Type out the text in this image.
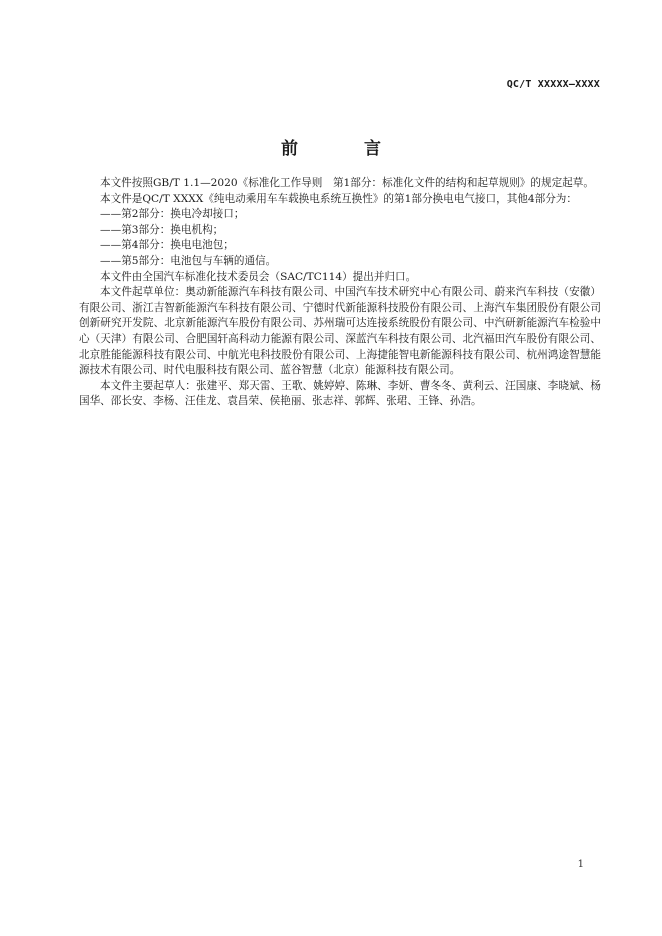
QC/T XXXXX—XXXX
前 言

本文件按照GB/T 1.1—2020《标准化工作导则　第1部分：标准化文件的结构和起草规则》的规定起草。

本文件是QC/T XXXX《纯电动乘用车车载换电系统互换性》的第1部分换电电气接口，其他4部分为：

——第2部分：换电冷却接口；

——第3部分：换电机构；

——第4部分：换电电池包；

——第5部分：电池包与车辆的通信。

本文件由全国汽车标准化技术委员会（SAC/TC114）提出并归口。

本文件起草单位：奥动新能源汽车科技有限公司、中国汽车技术研究中心有限公司、蔚来汽车科技（安徽）有限公司、浙江吉智新能源汽车科技有限公司、宁德时代新能源科技股份有限公司、上海汽车集团股份有限公司创新研究开发院、北京新能源汽车股份有限公司、苏州瑞可达连接系统股份有限公司、中汽研新能源汽车检验中心（天津）有限公司、合肥国轩高科动力能源有限公司、深蓝汽车科技有限公司、北汽福田汽车股份有限公司、北京胜能能源科技有限公司、中航光电科技股份有限公司、上海捷能智电新能源科技有限公司、杭州鸿途智慧能源技术有限公司、时代电服科技有限公司、蓝谷智慧（北京）能源科技有限公司。

本文件主要起草人：张建平、郑天雷、王歌、姚婷婷、陈琳、李妍、曹冬冬、黄利云、汪国康、李晓斌、杨国华、邵长安、李杨、汪佳龙、袁昌荣、侯艳丽、张志祥、郭辉、张珺、王锋、孙浩。

1
